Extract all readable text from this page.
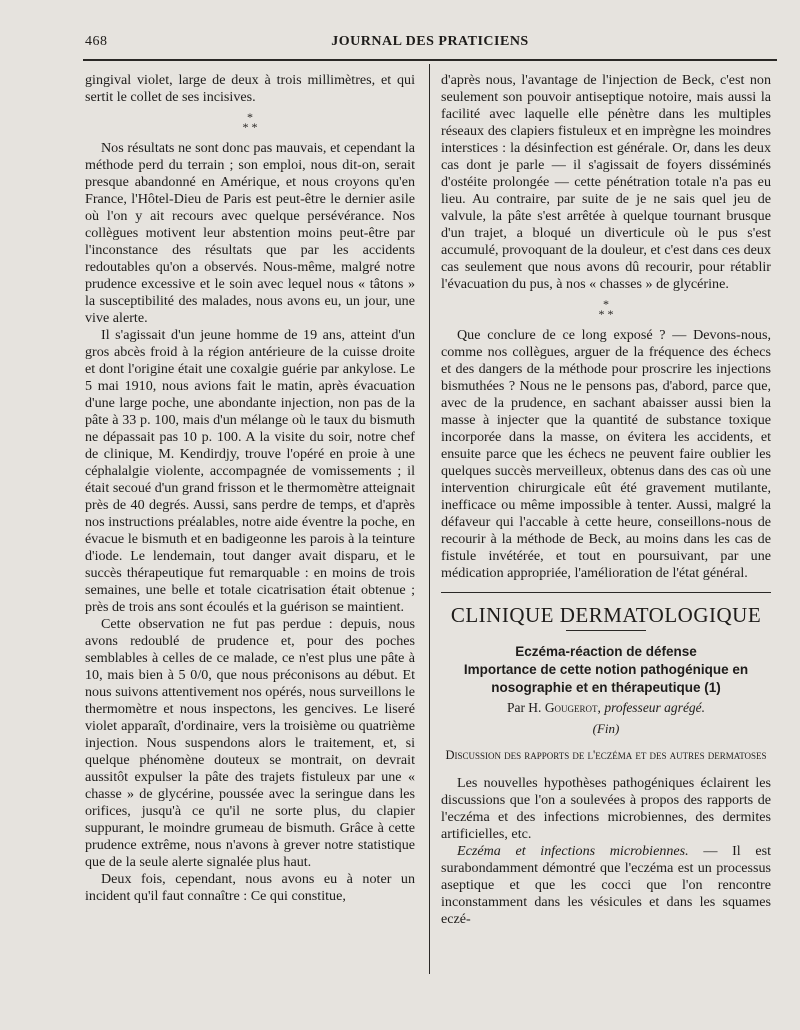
468	JOURNAL DES PRATICIENS

gingival violet, large de deux à trois millimètres, et qui sertit le collet de ses incisives.

*
* *

Nos résultats ne sont donc pas mauvais, et cependant la méthode perd du terrain ; son emploi, nous dit-on, serait presque abandonné en Amérique, et nous croyons qu'en France, l'Hôtel-Dieu de Paris est peut-être le dernier asile où l'on y ait recours avec quelque persévérance. Nos collègues motivent leur abstention moins peut-être par l'inconstance des résultats que par les accidents redoutables qu'on a observés. Nous-même, malgré notre prudence excessive et le soin avec lequel nous « tâtons » la susceptibilité des malades, nous avons eu, un jour, une vive alerte.

Il s'agissait d'un jeune homme de 19 ans, atteint d'un gros abcès froid à la région antérieure de la cuisse droite et dont l'origine était une coxalgie guérie par ankylose. Le 5 mai 1910, nous avions fait le matin, après évacuation d'une large poche, une abondante injection, non pas de la pâte à 33 p. 100, mais d'un mélange où le taux du bismuth ne dépassait pas 10 p. 100. A la visite du soir, notre chef de clinique, M. Kendirdjy, trouve l'opéré en proie à une céphalalgie violente, accompagnée de vomissements ; il était secoué d'un grand frisson et le thermomètre atteignait près de 40 degrés. Aussi, sans perdre de temps, et d'après nos instructions préalables, notre aide éventre la poche, en évacue le bismuth et en badigeonne les parois à la teinture d'iode. Le lendemain, tout danger avait disparu, et le succès thérapeutique fut remarquable : en moins de trois semaines, une belle et totale cicatrisation était obtenue ; près de trois ans sont écoulés et la guérison se maintient.

Cette observation ne fut pas perdue : depuis, nous avons redoublé de prudence et, pour des poches semblables à celles de ce malade, ce n'est plus une pâte à 10, mais bien à 5 0/0, que nous préconisons au début. Et nous suivons attentivement nos opérés, nous surveillons le thermomètre et nous inspectons, les gencives. Le liseré violet apparaît, d'ordinaire, vers la troisième ou quatrième injection. Nous suspendons alors le traitement, et, si quelque phénomène douteux se montrait, on devrait aussitôt expulser la pâte des trajets fistuleux par une « chasse » de glycérine, poussée avec la seringue dans les orifices, jusqu'à ce qu'il ne sorte plus, du clapier suppurant, le moindre grumeau de bismuth. Grâce à cette prudence extrême, nous n'avons à grever notre statistique que de la seule alerte signalée plus haut.

Deux fois, cependant, nous avons eu à noter un incident qu'il faut connaître : Ce qui constitue,

d'après nous, l'avantage de l'injection de Beck, c'est non seulement son pouvoir antiseptique notoire, mais aussi la facilité avec laquelle elle pénètre dans les multiples réseaux des clapiers fistuleux et en imprègne les moindres interstices : la désinfection est générale. Or, dans les deux cas dont je parle — il s'agissait de foyers disséminés d'ostéite prolongée — cette pénétration totale n'a pas eu lieu. Au contraire, par suite de je ne sais quel jeu de valvule, la pâte s'est arrêtée à quelque tournant brusque d'un trajet, a bloqué un diverticule où le pus s'est accumulé, provoquant de la douleur, et c'est dans ces deux cas seulement que nous avons dû recourir, pour rétablir l'évacuation du pus, à nos « chasses » de glycérine.

*
* *

Que conclure de ce long exposé ? — Devons-nous, comme nos collègues, arguer de la fréquence des échecs et des dangers de la méthode pour proscrire les injections bismuthées ? Nous ne le pensons pas, d'abord, parce que, avec de la prudence, en sachant abaisser aussi bien la masse à injecter que la quantité de substance toxique incorporée dans la masse, on évitera les accidents, et ensuite parce que les échecs ne peuvent faire oublier les quelques succès merveilleux, obtenus dans des cas où une intervention chirurgicale eût été gravement mutilante, inefficace ou même impossible à tenter. Aussi, malgré la défaveur qui l'accable à cette heure, conseillons-nous de recourir à la méthode de Beck, au moins dans les cas de fistule invétérée, et tout en poursuivant, par une médication appropriée, l'amélioration de l'état général.

CLINIQUE DERMATOLOGIQUE
Eczéma-réaction de défense
Importance de cette notion pathogénique en nosographie et en thérapeutique (1)
Par H. Gougerot, professeur agrégé.
(Fin)
Discussion des rapports de l'eczéma et des autres dermatoses

Les nouvelles hypothèses pathogéniques éclairent les discussions que l'on a soulevées à propos des rapports de l'eczéma et des infections microbiennes, des dermites artificielles, etc.

Eczéma et infections microbiennes. — Il est surabondamment démontré que l'eczéma est un processus aseptique et que les cocci que l'on rencontre inconstamment dans les vésicules et dans les squames eczé-
